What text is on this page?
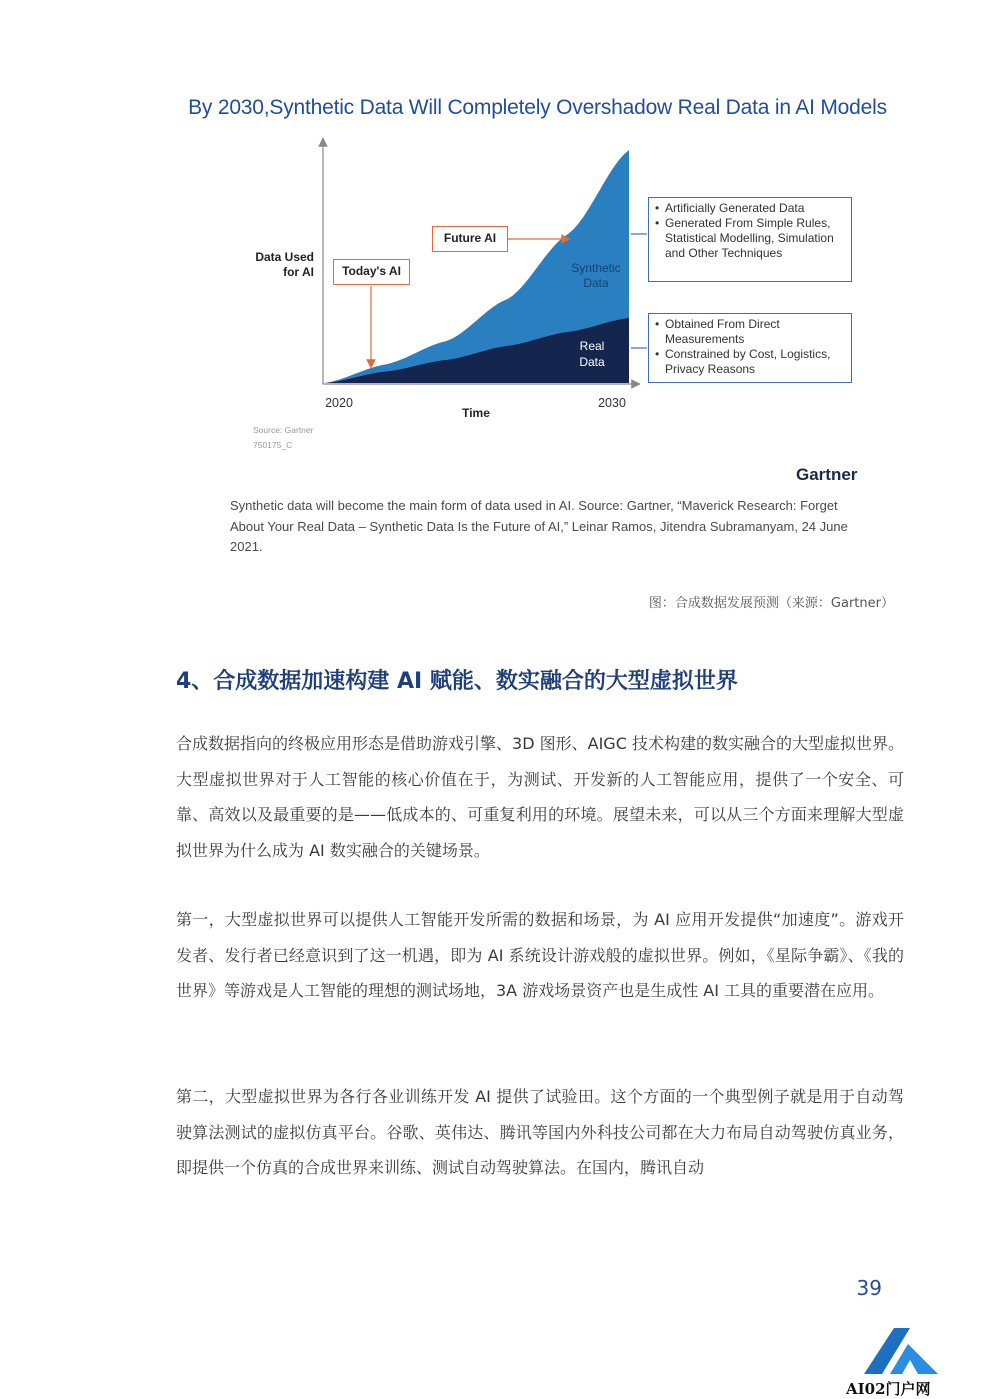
By 2030,Synthetic Data Will Completely Overshadow Real Data in AI Models
Synthetic
Data
Real
Data
Data Used
for AI
2020	2030
Time
Source: Gartner
750175_C
Today's AI
Future AI
• Artificially Generated Data
• Generated From Simple Rules, Statistical Modelling, Simulation and Other Techniques
• Obtained From Direct Measurements
• Constrained by Cost, Logistics, Privacy Reasons
Gartner
Synthetic data will become the main form of data used in AI. Source: Gartner, “Maverick Research: Forget About Your Real Data – Synthetic Data Is the Future of AI,” Leinar Ramos, Jitendra Subramanyam, 24 June 2021.
图：合成数据发展预测（来源：Gartner）
4、合成数据加速构建 AI 赋能、数实融合的大型虚拟世界
合成数据指向的终极应用形态是借助游戏引擎、3D 图形、AIGC 技术构建的数实融合的大型虚拟世界。大型虚拟世界对于人工智能的核心价值在于，为测试、开发新的人工智能应用，提供了一个安全、可靠、高效以及最重要的是——低成本的、可重复利用的环境。展望未来，可以从三个方面来理解大型虚拟世界为什么成为 AI 数实融合的关键场景。
第一，大型虚拟世界可以提供人工智能开发所需的数据和场景，为 AI 应用开发提供“加速度”。游戏开发者、发行者已经意识到了这一机遇，即为 AI 系统设计游戏般的虚拟世界。例如，《星际争霸》、《我的世界》等游戏是人工智能的理想的测试场地，3A 游戏场景资产也是生成性 AI 工具的重要潜在应用。
第二，大型虚拟世界为各行各业训练开发 AI 提供了试验田。这个方面的一个典型例子就是用于自动驾驶算法测试的虚拟仿真平台。谷歌、英伟达、腾讯等国内外科技公司都在大力布局自动驾驶仿真业务，即提供一个仿真的合成世界来训练、测试自动驾驶算法。在国内，腾讯自动
39
AI02门户网
